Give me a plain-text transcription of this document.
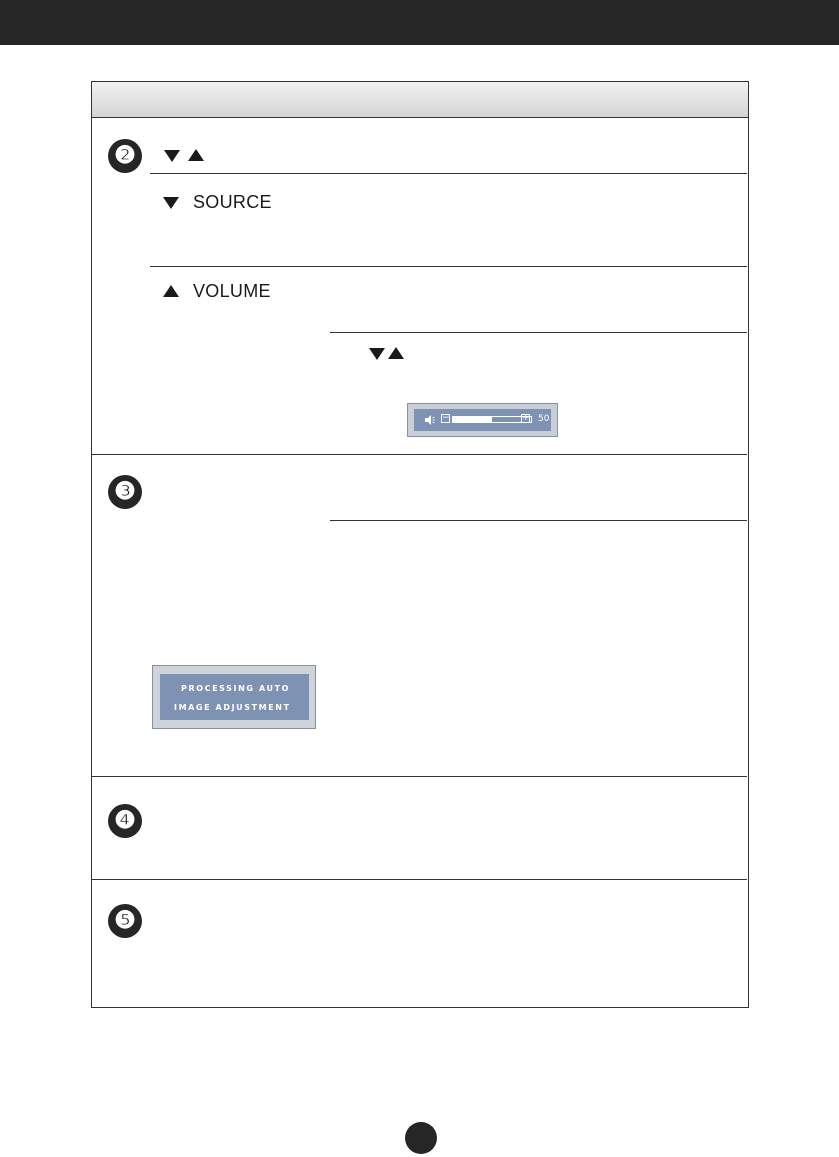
❷
SOURCE
VOLUME
−	+ 50
❸
PROCESSING AUTO
IMAGE ADJUSTMENT
❹
❺
